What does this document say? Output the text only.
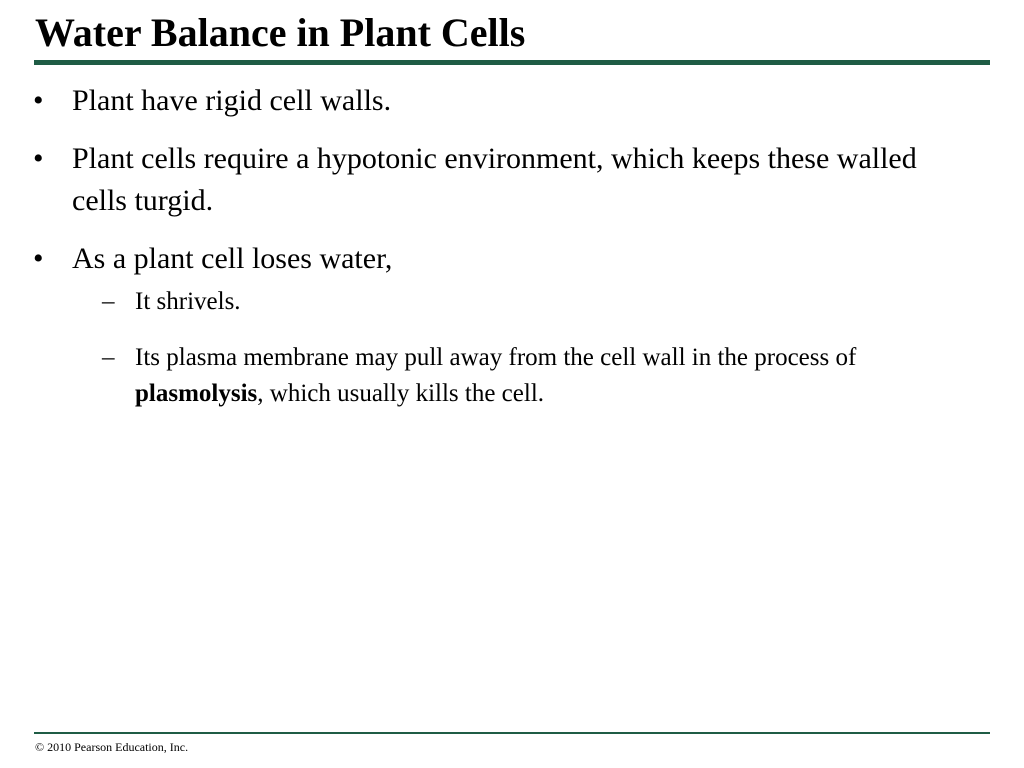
Water Balance in Plant Cells
• Plant have rigid cell walls.
• Plant cells require a hypotonic environment, which keeps these walled cells turgid.
• As a plant cell loses water,
– It shrivels.
– Its plasma membrane may pull away from the cell wall in the process of plasmolysis, which usually kills the cell.
© 2010 Pearson Education, Inc.
